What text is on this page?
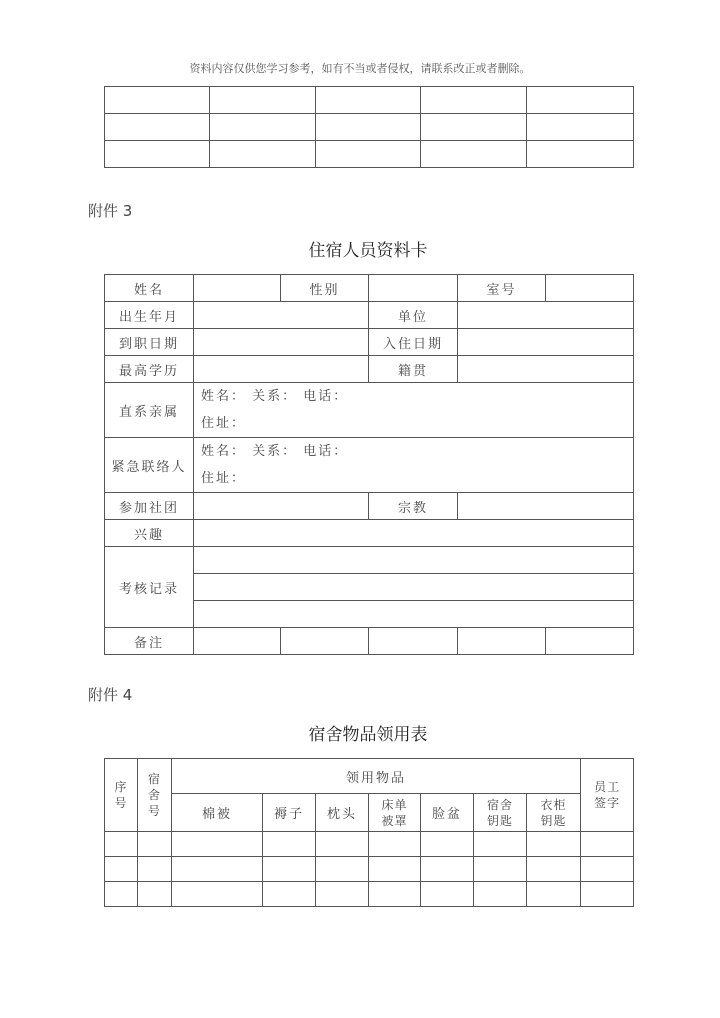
资料内容仅供您学习参考，如有不当或者侵权，请联系改正或者删除。

附件 3
住宿人员资料卡
姓名		性别		室号	
出生年月			单位		
到职日期			入住日期		
最高学历			籍贯		
直系亲属	姓名： 关系： 电话：
住址：				

紧急联络人	姓名： 关系： 电话：
住址：				

参加社团			宗教		
兴趣					
考核记录					

备注					
附件 4
宿舍物品领用表
序号	宿舍号	领用物品							员工签字

		棉被	褥子	枕头	床单被罩	脸盆	宿舍钥匙	衣柜钥匙	
